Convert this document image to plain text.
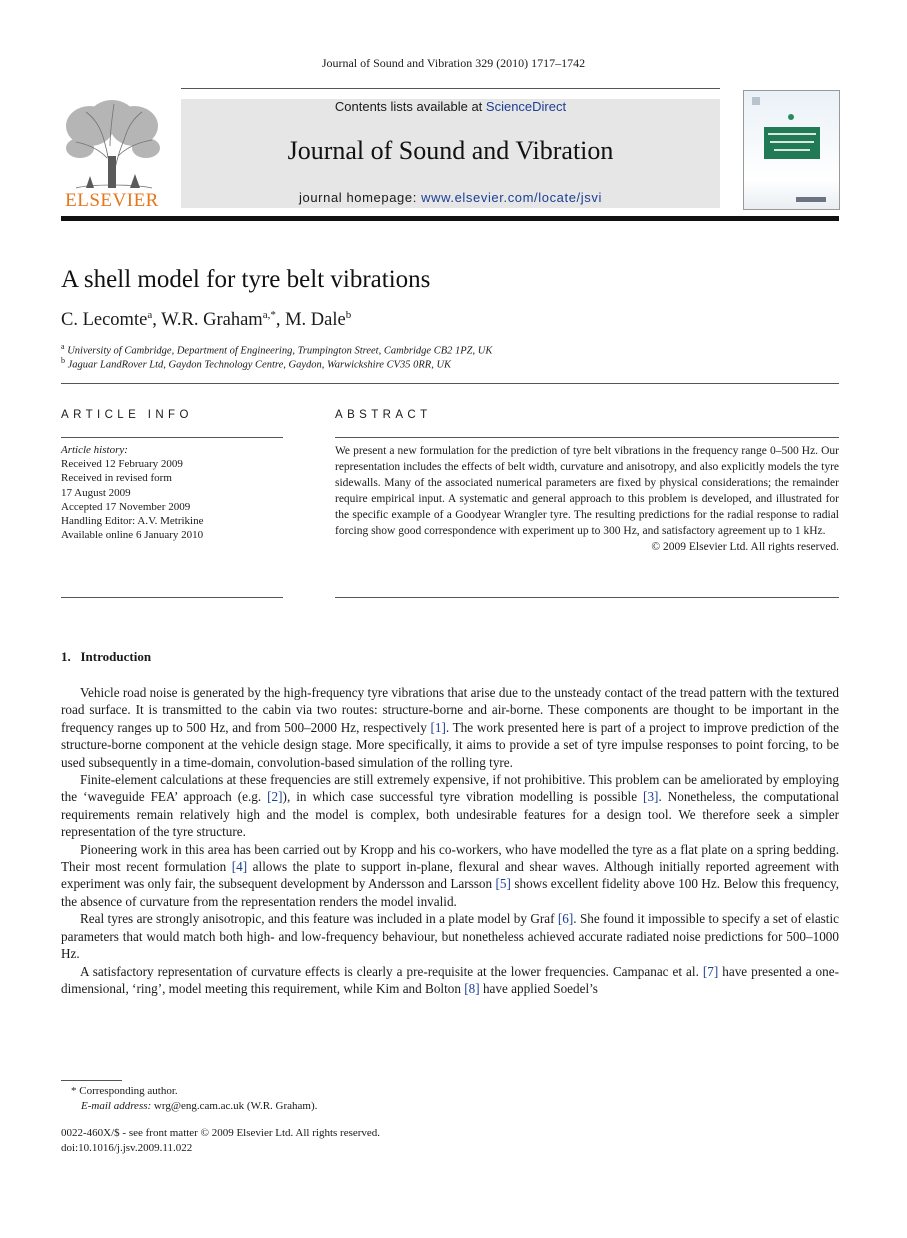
Journal of Sound and Vibration 329 (2010) 1717–1742
ELSEVIER
Contents lists available at ScienceDirect
Journal of Sound and Vibration
journal homepage: www.elsevier.com/locate/jsvi
A shell model for tyre belt vibrations
C. Lecomte$^a$, W.R. Graham$^{a,*}$, M. Dale$^b$
$^a$ University of Cambridge, Department of Engineering, Trumpington Street, Cambridge CB2 1PZ, UK
$^b$ Jaguar LandRover Ltd, Gaydon Technology Centre, Gaydon, Warwickshire CV35 0RR, UK
ARTICLE INFO	ABSTRACT
Article history:
Received 12 February 2009
Received in revised form
17 August 2009
Accepted 17 November 2009
Handling Editor: A.V. Metrikine
Available online 6 January 2010
We present a new formulation for the prediction of tyre belt vibrations in the frequency range 0–500 Hz. Our representation includes the effects of belt width, curvature and anisotropy, and also explicitly models the tyre sidewalls. Many of the associated numerical parameters are fixed by physical considerations; the remainder require empirical input. A systematic and general approach to this problem is developed, and illustrated for the specific example of a Goodyear Wrangler tyre. The resulting predictions for the radial response to radial forcing show good correspondence with experiment up to 300 Hz, and satisfactory agreement up to 1 kHz.
© 2009 Elsevier Ltd. All rights reserved.
1.   Introduction

Vehicle road noise is generated by the high-frequency tyre vibrations that arise due to the unsteady contact of the tread pattern with the textured road surface. It is transmitted to the cabin via two routes: structure-borne and air-borne. These components are thought to be important in the frequency ranges up to 500 Hz, and from 500–2000 Hz, respectively [1]. The work presented here is part of a project to improve prediction of the structure-borne component at the vehicle design stage. More specifically, it aims to provide a set of tyre impulse responses to point forcing, to be used subsequently in a time-domain, convolution-based simulation of the rolling tyre.

Finite-element calculations at these frequencies are still extremely expensive, if not prohibitive. This problem can be ameliorated by employing the ‘waveguide FEA’ approach (e.g. [2]), in which case successful tyre vibration modelling is possible [3]. Nonetheless, the computational requirements remain relatively high and the model is complex, both undesirable features for a design tool. We therefore seek a simpler representation of the tyre structure.

Pioneering work in this area has been carried out by Kropp and his co-workers, who have modelled the tyre as a flat plate on a spring bedding. Their most recent formulation [4] allows the plate to support in-plane, flexural and shear waves. Although initially reported agreement with experiment was only fair, the subsequent development by Andersson and Larsson [5] shows excellent fidelity above 100 Hz. Below this frequency, the absence of curvature from the representation renders the model invalid.

Real tyres are strongly anisotropic, and this feature was included in a plate model by Graf [6]. She found it impossible to specify a set of elastic parameters that would match both high- and low-frequency behaviour, but nonetheless achieved accurate radiated noise predictions for 500–1000 Hz.

A satisfactory representation of curvature effects is clearly a pre-requisite at the lower frequencies. Campanac et al. [7] have presented a one-dimensional, ‘ring’, model meeting this requirement, while Kim and Bolton [8] have applied Soedel’s

* Corresponding author.
E-mail address: wrg@eng.cam.ac.uk (W.R. Graham).
0022-460X/$ - see front matter © 2009 Elsevier Ltd. All rights reserved.
doi:10.1016/j.jsv.2009.11.022
